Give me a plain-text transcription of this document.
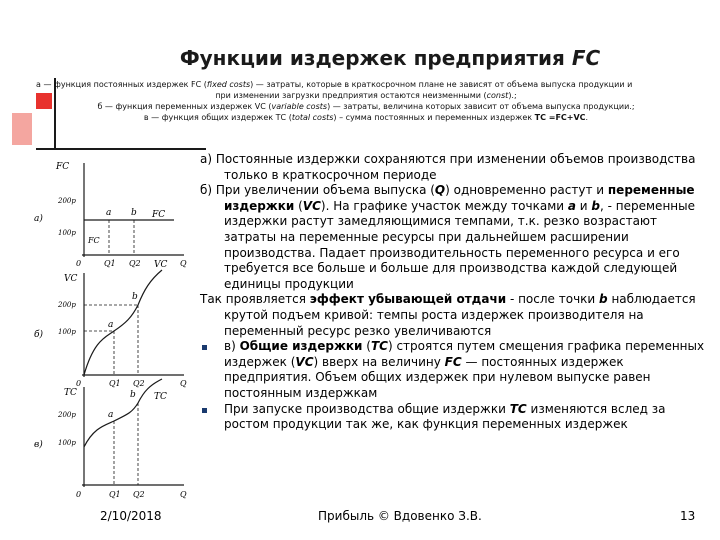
Функции издержек предприятия FC
а — функция постоянных издержек FC (fixed costs) — затраты, которые в краткосрочном плане не зависят от объема выпуска продукции и
при изменении загрузки предприятия остаются неизменными (const).;
б — функция переменных издержек VC (variable costs) — затраты, величина которых зависит от объема выпуска продукции.;
в — функция общих издержек ТС (total costs) – сумма постоянных и переменных издержек ТС =FC+VC.
FC
а)
200р
100р
FC
FC
а b
0	Q1 Q2	Q
VC
б)
200р
100р
VC
а
b
0	Q1 Q2	Q
ТС
в)
200р
100р
ТС
а
b
0	Q1 Q2	Q

а) Постоянные издержки сохраняются при изменении объемов производства только в краткосрочном периоде

б) При увеличении объема выпуска (Q) одновременно растут и переменные издержки (VC). На графике участок между точками а и b, - переменные издержки растут замедляющимися темпами, т.к. резко возрастают затраты на переменные ресурсы при дальнейшем расширении производства. Падает производительность переменного ресурса и его требуется все больше и больше для производства каждой следующей единицы продукции

Так проявляется эффект убывающей отдачи - после точки b наблюдается крутой подъем кривой: темпы роста издержек производителя на переменный ресурс резко увеличиваются

в) Общие издержки (ТС) строятся путем смещения графика переменных издержек (VC) вверх на величину FC — постоянных издержек предприятия. Объем общих издержек при нулевом выпуске равен постоянным издержкам

При запуске производства общие издержки ТС изменяются вслед за ростом продукции так же, как функция переменных издержек

2/10/2018	Прибыль © Вдовенко З.В.	13
